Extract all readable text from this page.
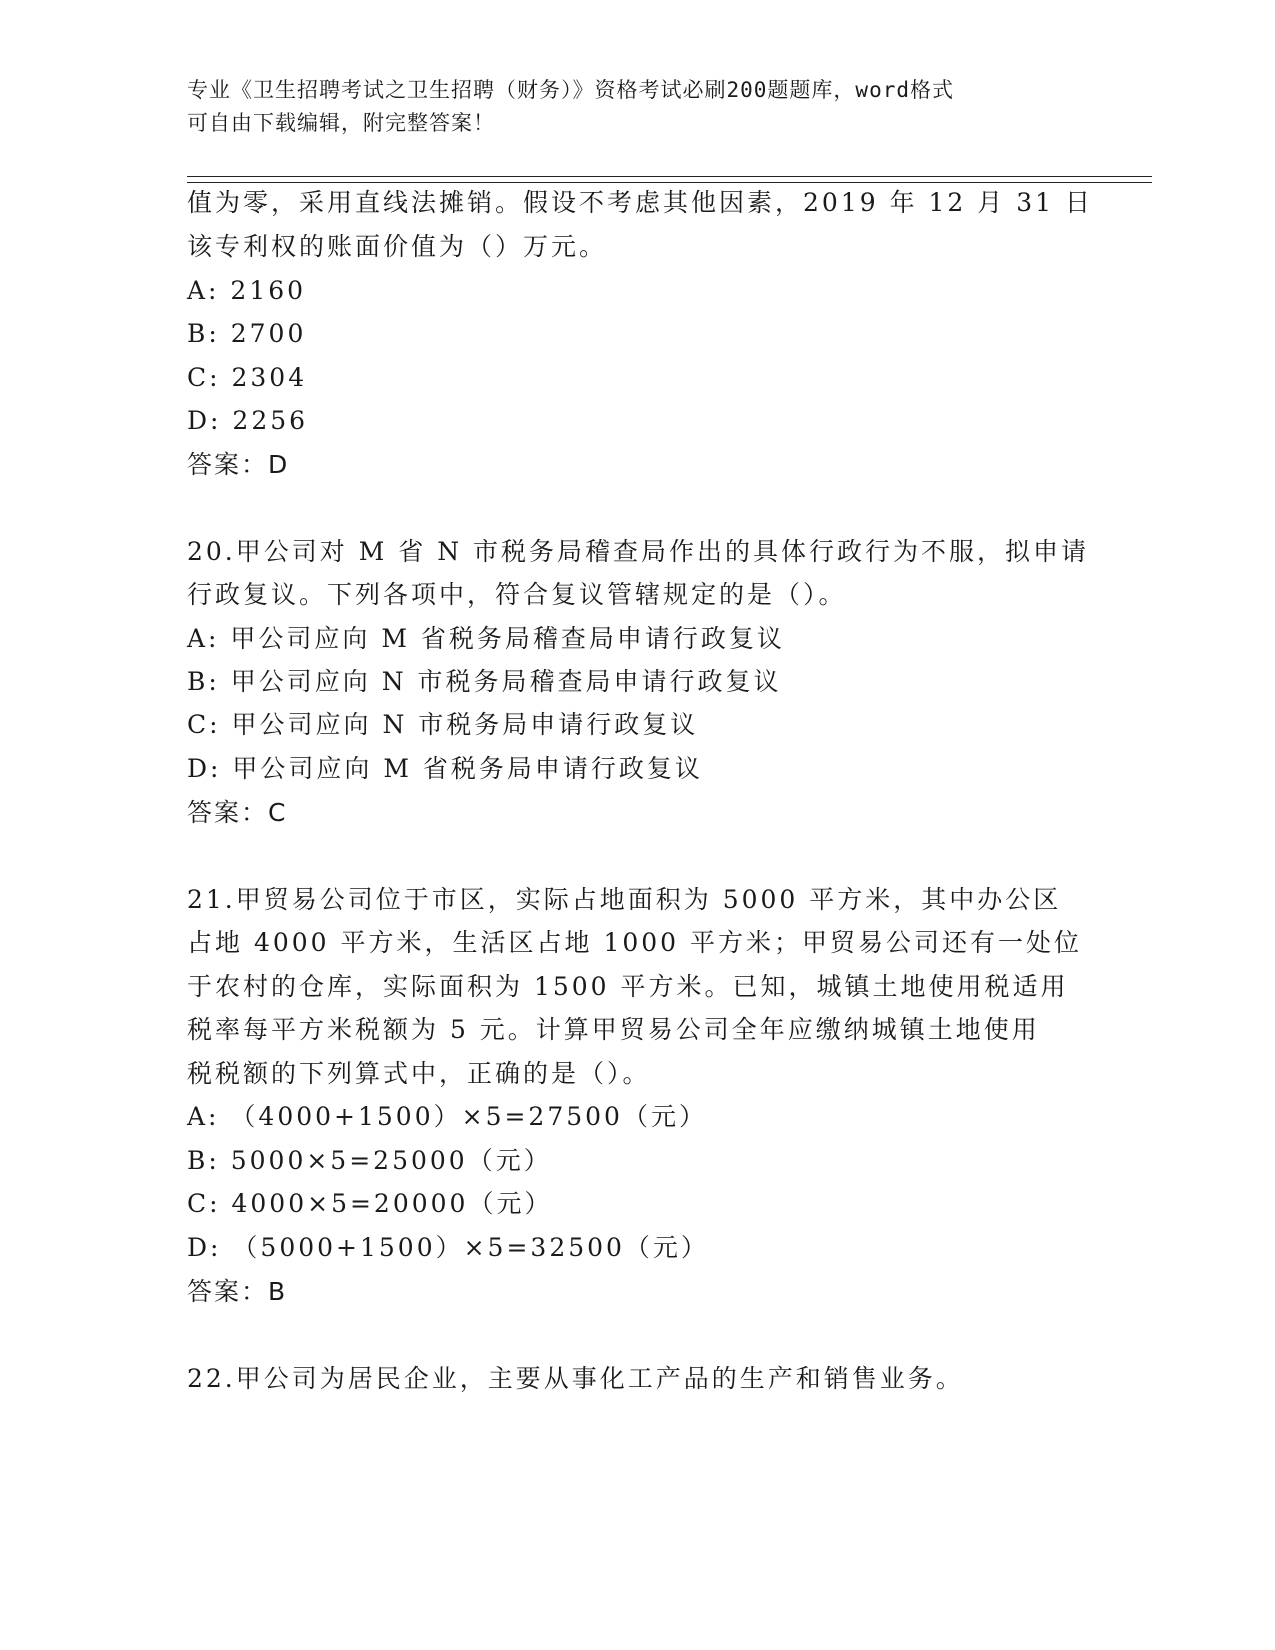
专业《卫生招聘考试之卫生招聘（财务）》资格考试必刷200题题库，word格式
可自由下载编辑，附完整答案！
值为零，采用直线法摊销。假设不考虑其他因素，2019 年 12 月 31 日
该专利权的账面价值为（）万元。
A: 2160
B: 2700
C: 2304
D: 2256
答案：D
20.甲公司对 M 省 N 市税务局稽查局作出的具体行政行为不服，拟申请
行政复议。下列各项中，符合复议管辖规定的是（）。
A: 甲公司应向 M 省税务局稽查局申请行政复议
B: 甲公司应向 N 市税务局稽查局申请行政复议
C: 甲公司应向 N 市税务局申请行政复议
D: 甲公司应向 M 省税务局申请行政复议
答案：C
21.甲贸易公司位于市区，实际占地面积为 5000 平方米，其中办公区
占地 4000 平方米，生活区占地 1000 平方米；甲贸易公司还有一处位
于农村的仓库，实际面积为 1500 平方米。已知，城镇土地使用税适用
税率每平方米税额为 5 元。计算甲贸易公司全年应缴纳城镇土地使用
税税额的下列算式中，正确的是（）。
A: （4000+1500）×5=27500（元）
B: 5000×5=25000（元）
C: 4000×5=20000（元）
D: （5000+1500）×5=32500（元）
答案：B
22.甲公司为居民企业，主要从事化工产品的生产和销售业务。
